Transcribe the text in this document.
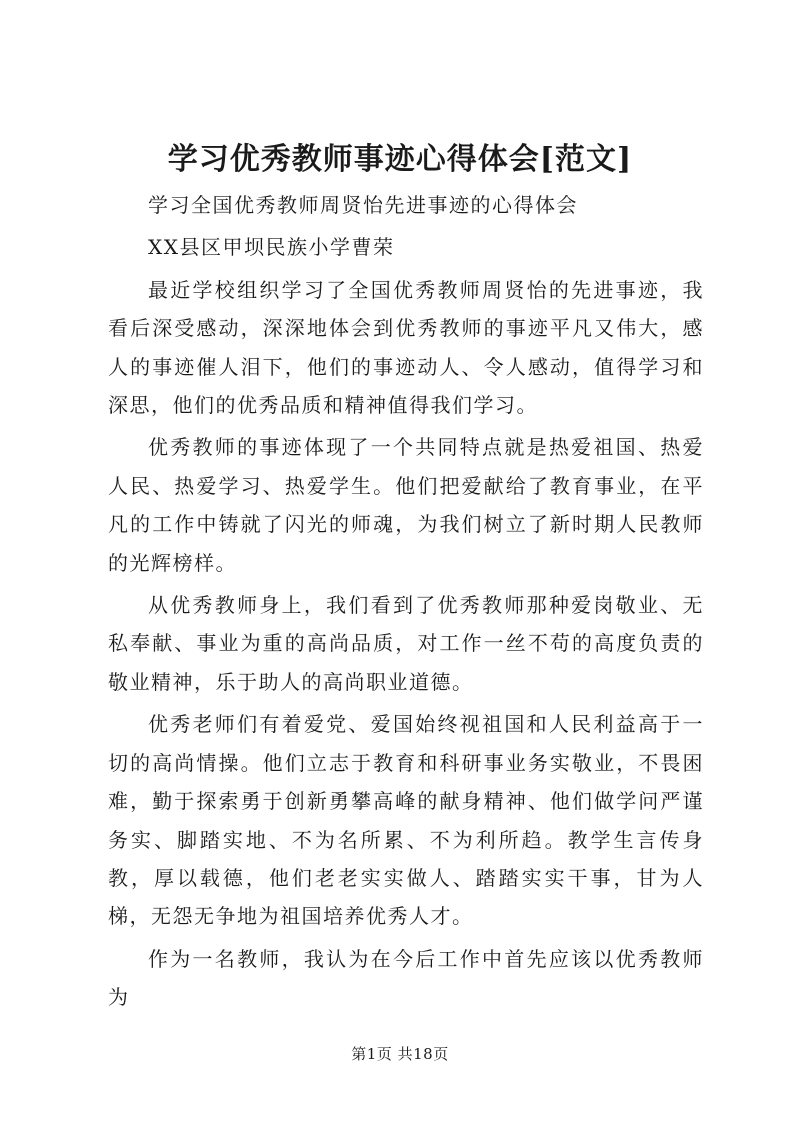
学习优秀教师事迹心得体会[范文]

学习全国优秀教师周贤怡先进事迹的心得体会

XX县区甲坝民族小学曹荣

最近学校组织学习了全国优秀教师周贤怡的先进事迹，我看后深受感动，深深地体会到优秀教师的事迹平凡又伟大，感人的事迹催人泪下，他们的事迹动人、令人感动，值得学习和深思，他们的优秀品质和精神值得我们学习。

优秀教师的事迹体现了一个共同特点就是热爱祖国、热爱人民、热爱学习、热爱学生。他们把爱献给了教育事业，在平凡的工作中铸就了闪光的师魂，为我们树立了新时期人民教师的光辉榜样。

从优秀教师身上，我们看到了优秀教师那种爱岗敬业、无私奉献、事业为重的高尚品质，对工作一丝不苟的高度负责的敬业精神，乐于助人的高尚职业道德。

优秀老师们有着爱党、爱国始终视祖国和人民利益高于一切的高尚情操。他们立志于教育和科研事业务实敬业，不畏困难，勤于探索勇于创新勇攀高峰的献身精神、他们做学问严谨务实、脚踏实地、不为名所累、不为利所趋。教学生言传身教，厚以载德，他们老老实实做人、踏踏实实干事，甘为人梯，无怨无争地为祖国培养优秀人才。

作为一名教师，我认为在今后工作中首先应该以优秀教师为

第1页 共18页
